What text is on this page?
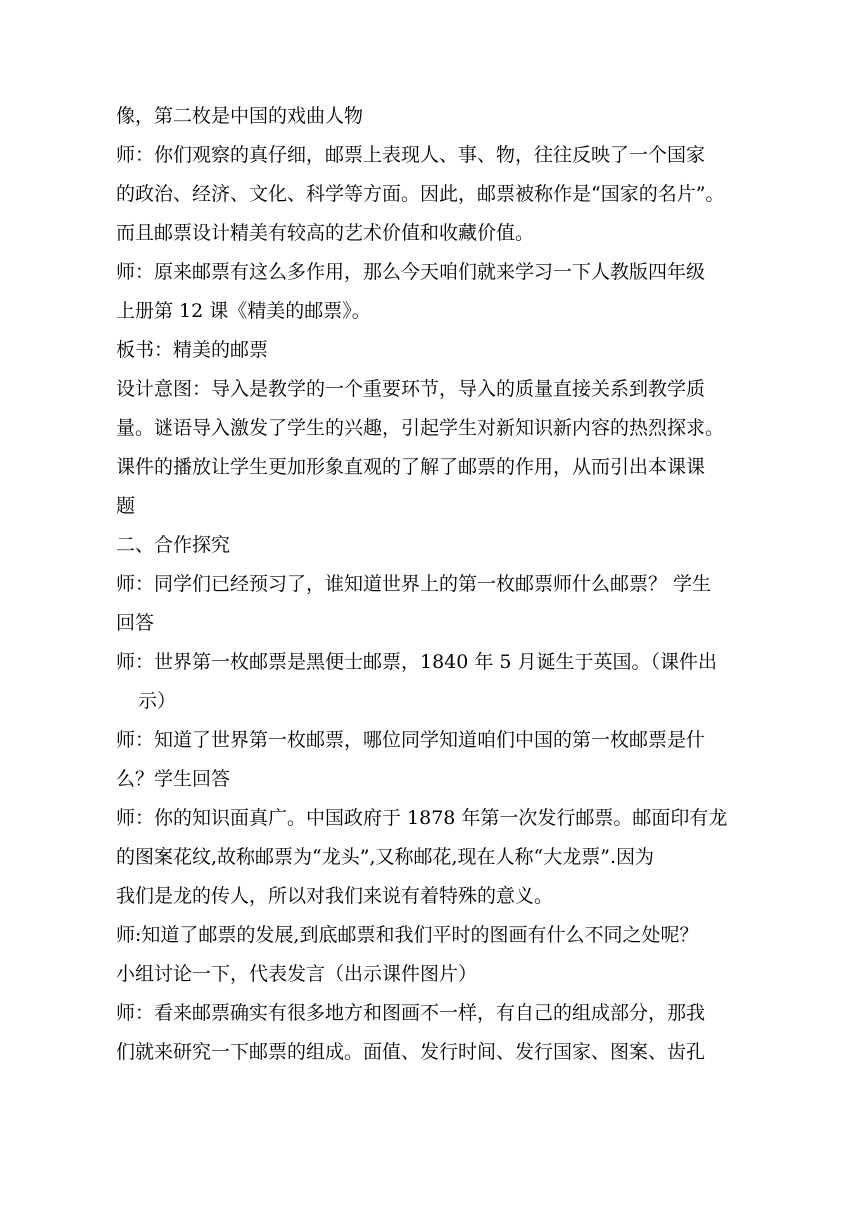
像，第二枚是中国的戏曲人物
师：你们观察的真仔细，邮票上表现人、事、物，往往反映了一个国家
的政治、经济、文化、科学等方面。因此，邮票被称作是“国家的名片”。
而且邮票设计精美有较高的艺术价值和收藏价值。
师：原来邮票有这么多作用，那么今天咱们就来学习一下人教版四年级
上册第 12 课《精美的邮票》。
板书：精美的邮票
设计意图：导入是教学的一个重要环节，导入的质量直接关系到教学质
量。谜语导入激发了学生的兴趣，引起学生对新知识新内容的热烈探求。
课件的播放让学生更加形象直观的了解了邮票的作用，从而引出本课课
题
二、合作探究
师：同学们已经预习了，谁知道世界上的第一枚邮票师什么邮票？ 学生
回答
师：世界第一枚邮票是黑便士邮票，1840 年 5 月诞生于英国。（课件出
示）
师：知道了世界第一枚邮票，哪位同学知道咱们中国的第一枚邮票是什
么？学生回答
师：你的知识面真广。中国政府于 1878 年第一次发行邮票。邮面印有龙
的图案花纹,故称邮票为“龙头”,又称邮花,现在人称“大龙票”.因为
我们是龙的传人，所以对我们来说有着特殊的意义。
师:知道了邮票的发展,到底邮票和我们平时的图画有什么不同之处呢？
小组讨论一下，代表发言（出示课件图片）
师：看来邮票确实有很多地方和图画不一样，有自己的组成部分，那我
们就来研究一下邮票的组成。面值、发行时间、发行国家、图案、齿孔
